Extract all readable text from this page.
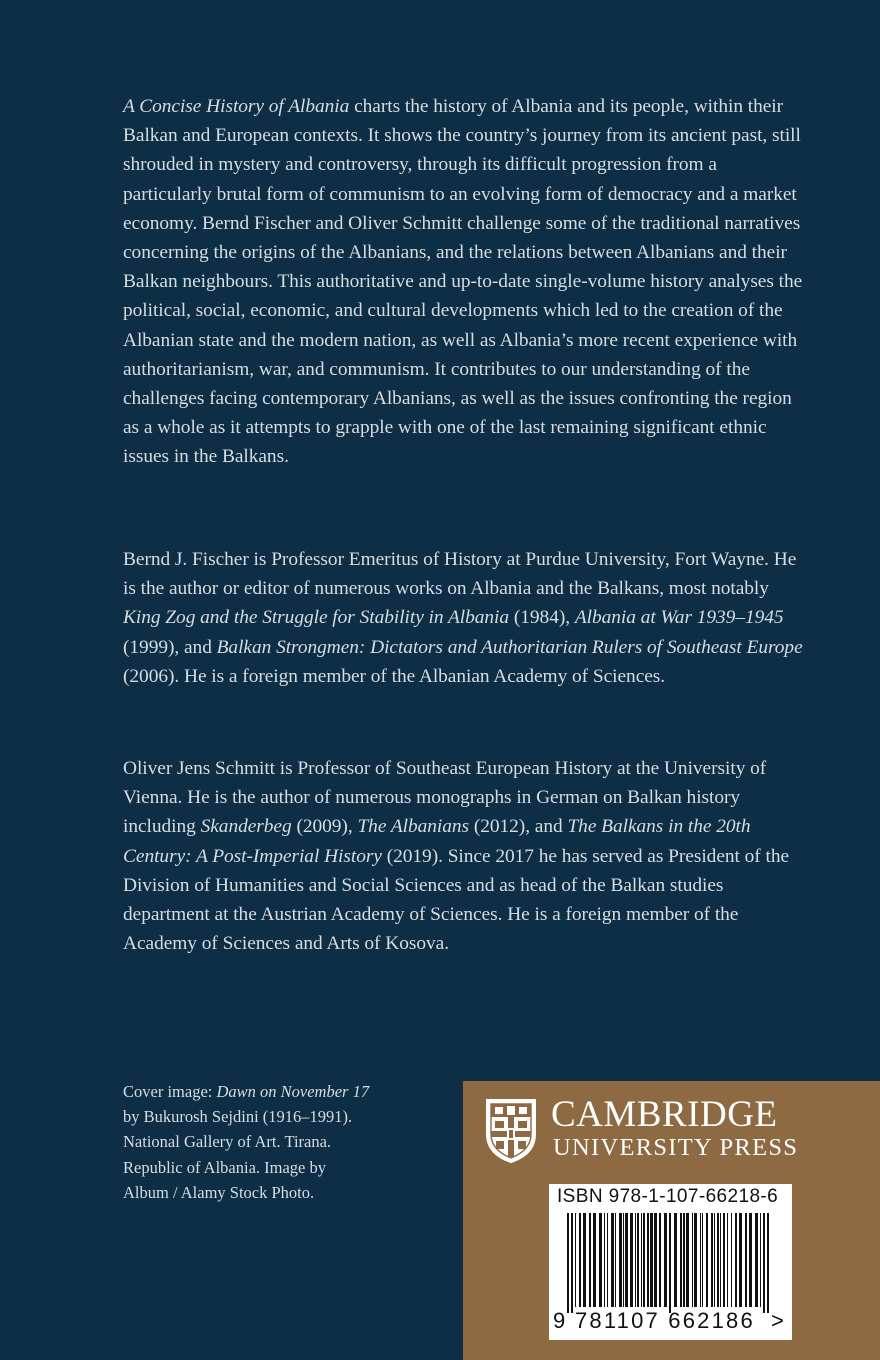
A Concise History of Albania charts the history of Albania and its people, within their Balkan and European contexts. It shows the country’s journey from its ancient past, still shrouded in mystery and controversy, through its difficult progression from a particularly brutal form of communism to an evolving form of democracy and a market economy. Bernd Fischer and Oliver Schmitt challenge some of the traditional narratives concerning the origins of the Albanians, and the relations between Albanians and their Balkan neighbours. This authoritative and up-to-date single-volume history analyses the political, social, economic, and cultural developments which led to the creation of the Albanian state and the modern nation, as well as Albania’s more recent experience with authoritarianism, war, and communism. It contributes to our understanding of the challenges facing contemporary Albanians, as well as the issues confronting the region as a whole as it attempts to grapple with one of the last remaining significant ethnic issues in the Balkans.

Bernd J. Fischer is Professor Emeritus of History at Purdue University, Fort Wayne. He is the author or editor of numerous works on Albania and the Balkans, most notably King Zog and the Struggle for Stability in Albania (1984), Albania at War 1939–1945 (1999), and Balkan Strongmen: Dictators and Authoritarian Rulers of Southeast Europe (2006). He is a foreign member of the Albanian Academy of Sciences.

Oliver Jens Schmitt is Professor of Southeast European History at the University of Vienna. He is the author of numerous monographs in German on Balkan history including Skanderbeg (2009), The Albanians (2012), and The Balkans in the 20th Century: A Post-Imperial History (2019). Since 2017 he has served as President of the Division of Humanities and Social Sciences and as head of the Balkan studies department at the Austrian Academy of Sciences. He is a foreign member of the Academy of Sciences and Arts of Kosova.

Cover image: Dawn on November 17
by Bukurosh Sejdini (1916–1991).
National Gallery of Art. Tirana.
Republic of Albania. Image by
Album / Alamy Stock Photo.
CAMBRIDGE
UNIVERSITY PRESS
ISBN 978-1-107-66218-6
9 781107 662186 >
